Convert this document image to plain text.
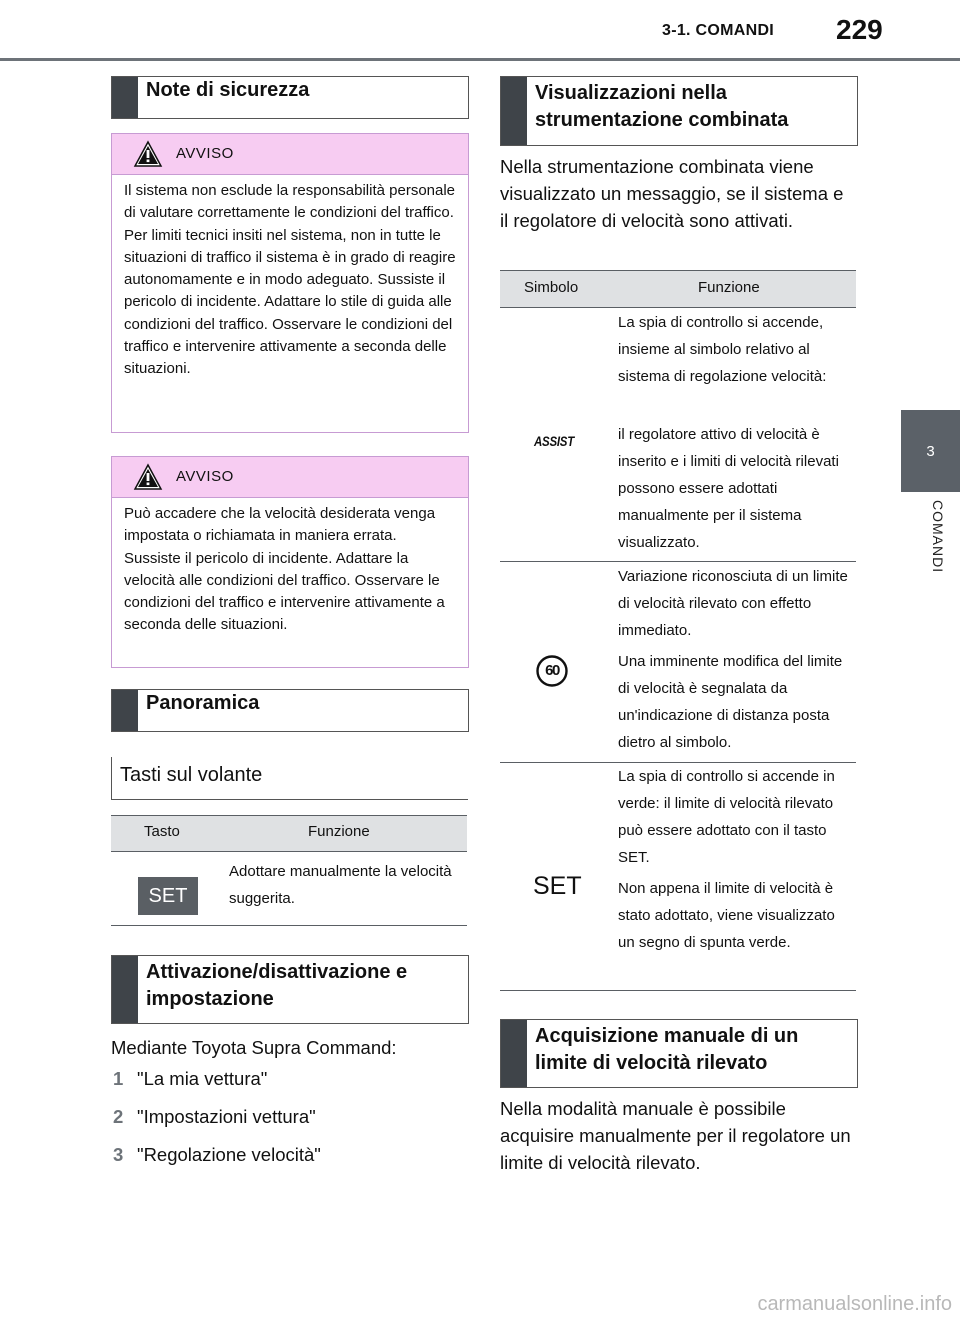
3-1. COMANDI 229
3
COMANDI
Note di sicurezza
AVVISO
Il sistema non esclude la responsabilità personale di valutare correttamente le condizioni del traffico. Per limiti tecnici insiti nel sistema, non in tutte le situazioni di traffico il sistema è in grado di reagire autonomamente e in modo adeguato. Sussiste il pericolo di incidente. Adattare lo stile di guida alle condizioni del traffico. Osservare le condizioni del traffico e intervenire attivamente a seconda delle situazioni.
AVVISO
Può accadere che la velocità desiderata venga impostata o richiamata in maniera errata. Sussiste il pericolo di incidente. Adattare la velocità alle condizioni del traffico. Osservare le condizioni del traffico e intervenire attivamente a seconda delle situazioni.
Panoramica
Tasti sul volante
Tasto	Funzione
SET
Adottare manualmente la velocità suggerita.
Attivazione/disattivazione e impostazione
Mediante Toyota Supra Command:
1 "La mia vettura"
2 "Impostazioni vettura"
3 "Regolazione velocità"
Visualizzazioni nella strumentazione combinata
Nella strumentazione combinata viene visualizzato un messaggio, se il sistema e il regolatore di velocità sono attivati.
Simbolo	Funzione
ASSIST
La spia di controllo si accende, insieme al simbolo relativo al sistema di regolazione velocità:
il regolatore attivo di velocità è inserito e i limiti di velocità rilevati possono essere adottati manualmente per il sistema visualizzato.
60
Variazione riconosciuta di un limite di velocità rilevato con effetto immediato.
Una imminente modifica del limite di velocità è segnalata da un'indicazione di distanza posta dietro al simbolo.
SET
La spia di controllo si accende in verde: il limite di velocità rilevato può essere adottato con il tasto SET.
Non appena il limite di velocità è stato adottato, viene visualizzato un segno di spunta verde.
Acquisizione manuale di un limite di velocità rilevato
Nella modalità manuale è possibile acquisire manualmente per il regolatore un limite di velocità rilevato.
carmanualsonline.info
